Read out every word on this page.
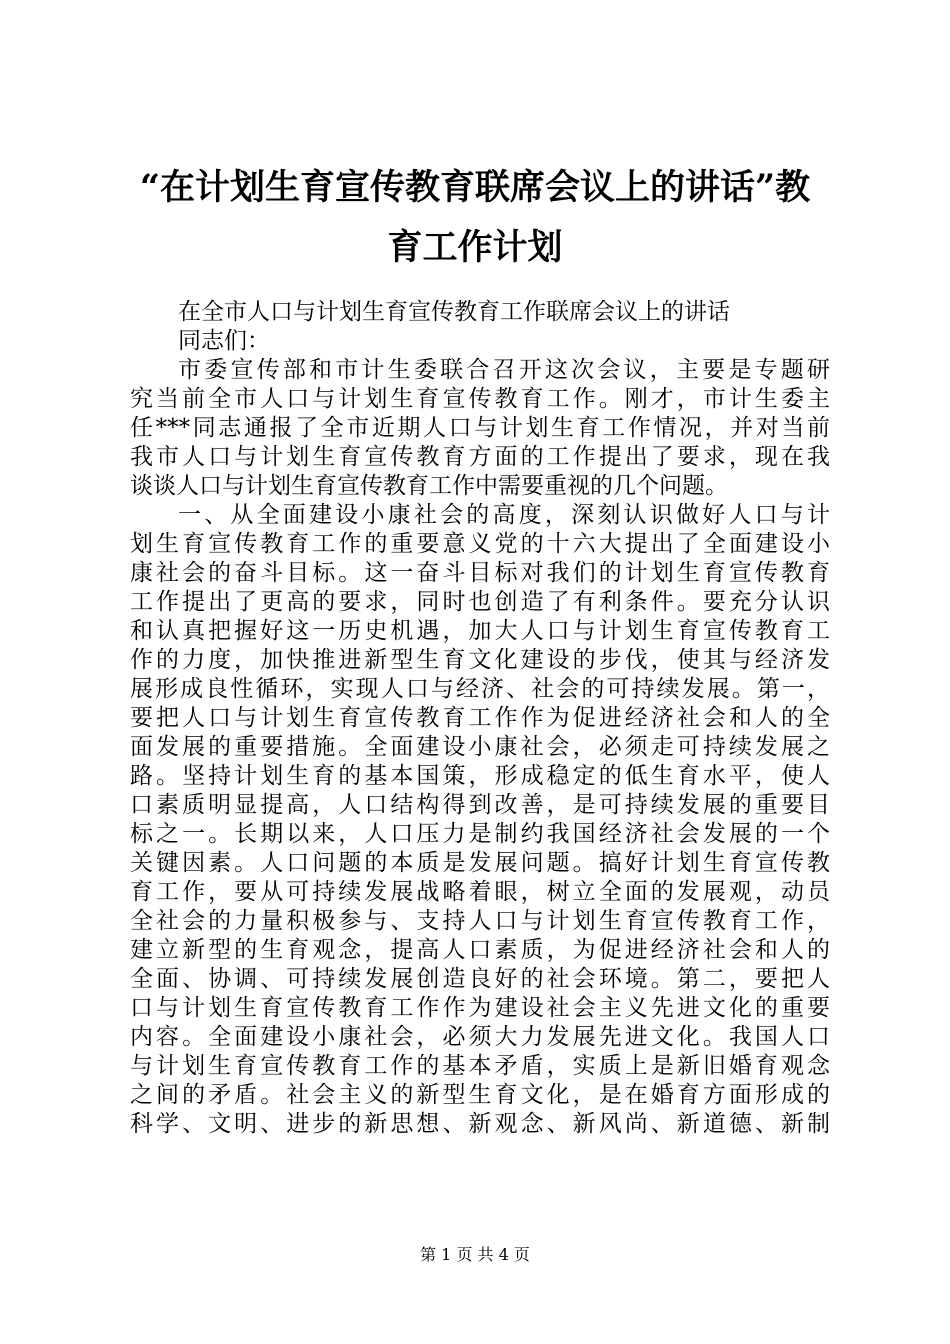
“在计划生育宣传教育联席会议上的讲话”教
育工作计划
在全市人口与计划生育宣传教育工作联席会议上的讲话
同志们：
市委宣传部和市计生委联合召开这次会议，主要是专题研
究当前全市人口与计划生育宣传教育工作。刚才，市计生委主
任***同志通报了全市近期人口与计划生育工作情况，并对当前
我市人口与计划生育宣传教育方面的工作提出了要求，现在我
谈谈人口与计划生育宣传教育工作中需要重视的几个问题。
一、从全面建设小康社会的高度，深刻认识做好人口与计
划生育宣传教育工作的重要意义党的十六大提出了全面建设小
康社会的奋斗目标。这一奋斗目标对我们的计划生育宣传教育
工作提出了更高的要求，同时也创造了有利条件。要充分认识
和认真把握好这一历史机遇，加大人口与计划生育宣传教育工
作的力度，加快推进新型生育文化建设的步伐，使其与经济发
展形成良性循环，实现人口与经济、社会的可持续发展。第一，
要把人口与计划生育宣传教育工作作为促进经济社会和人的全
面发展的重要措施。全面建设小康社会，必须走可持续发展之
路。坚持计划生育的基本国策，形成稳定的低生育水平，使人
口素质明显提高，人口结构得到改善，是可持续发展的重要目
标之一。长期以来，人口压力是制约我国经济社会发展的一个
关键因素。人口问题的本质是发展问题。搞好计划生育宣传教
育工作，要从可持续发展战略着眼，树立全面的发展观，动员
全社会的力量积极参与、支持人口与计划生育宣传教育工作，
建立新型的生育观念，提高人口素质，为促进经济社会和人的
全面、协调、可持续发展创造良好的社会环境。第二，要把人
口与计划生育宣传教育工作作为建设社会主义先进文化的重要
内容。全面建设小康社会，必须大力发展先进文化。我国人口
与计划生育宣传教育工作的基本矛盾，实质上是新旧婚育观念
之间的矛盾。社会主义的新型生育文化，是在婚育方面形成的
科学、文明、进步的新思想、新观念、新风尚、新道德、新制
第 1 页 共 4 页
